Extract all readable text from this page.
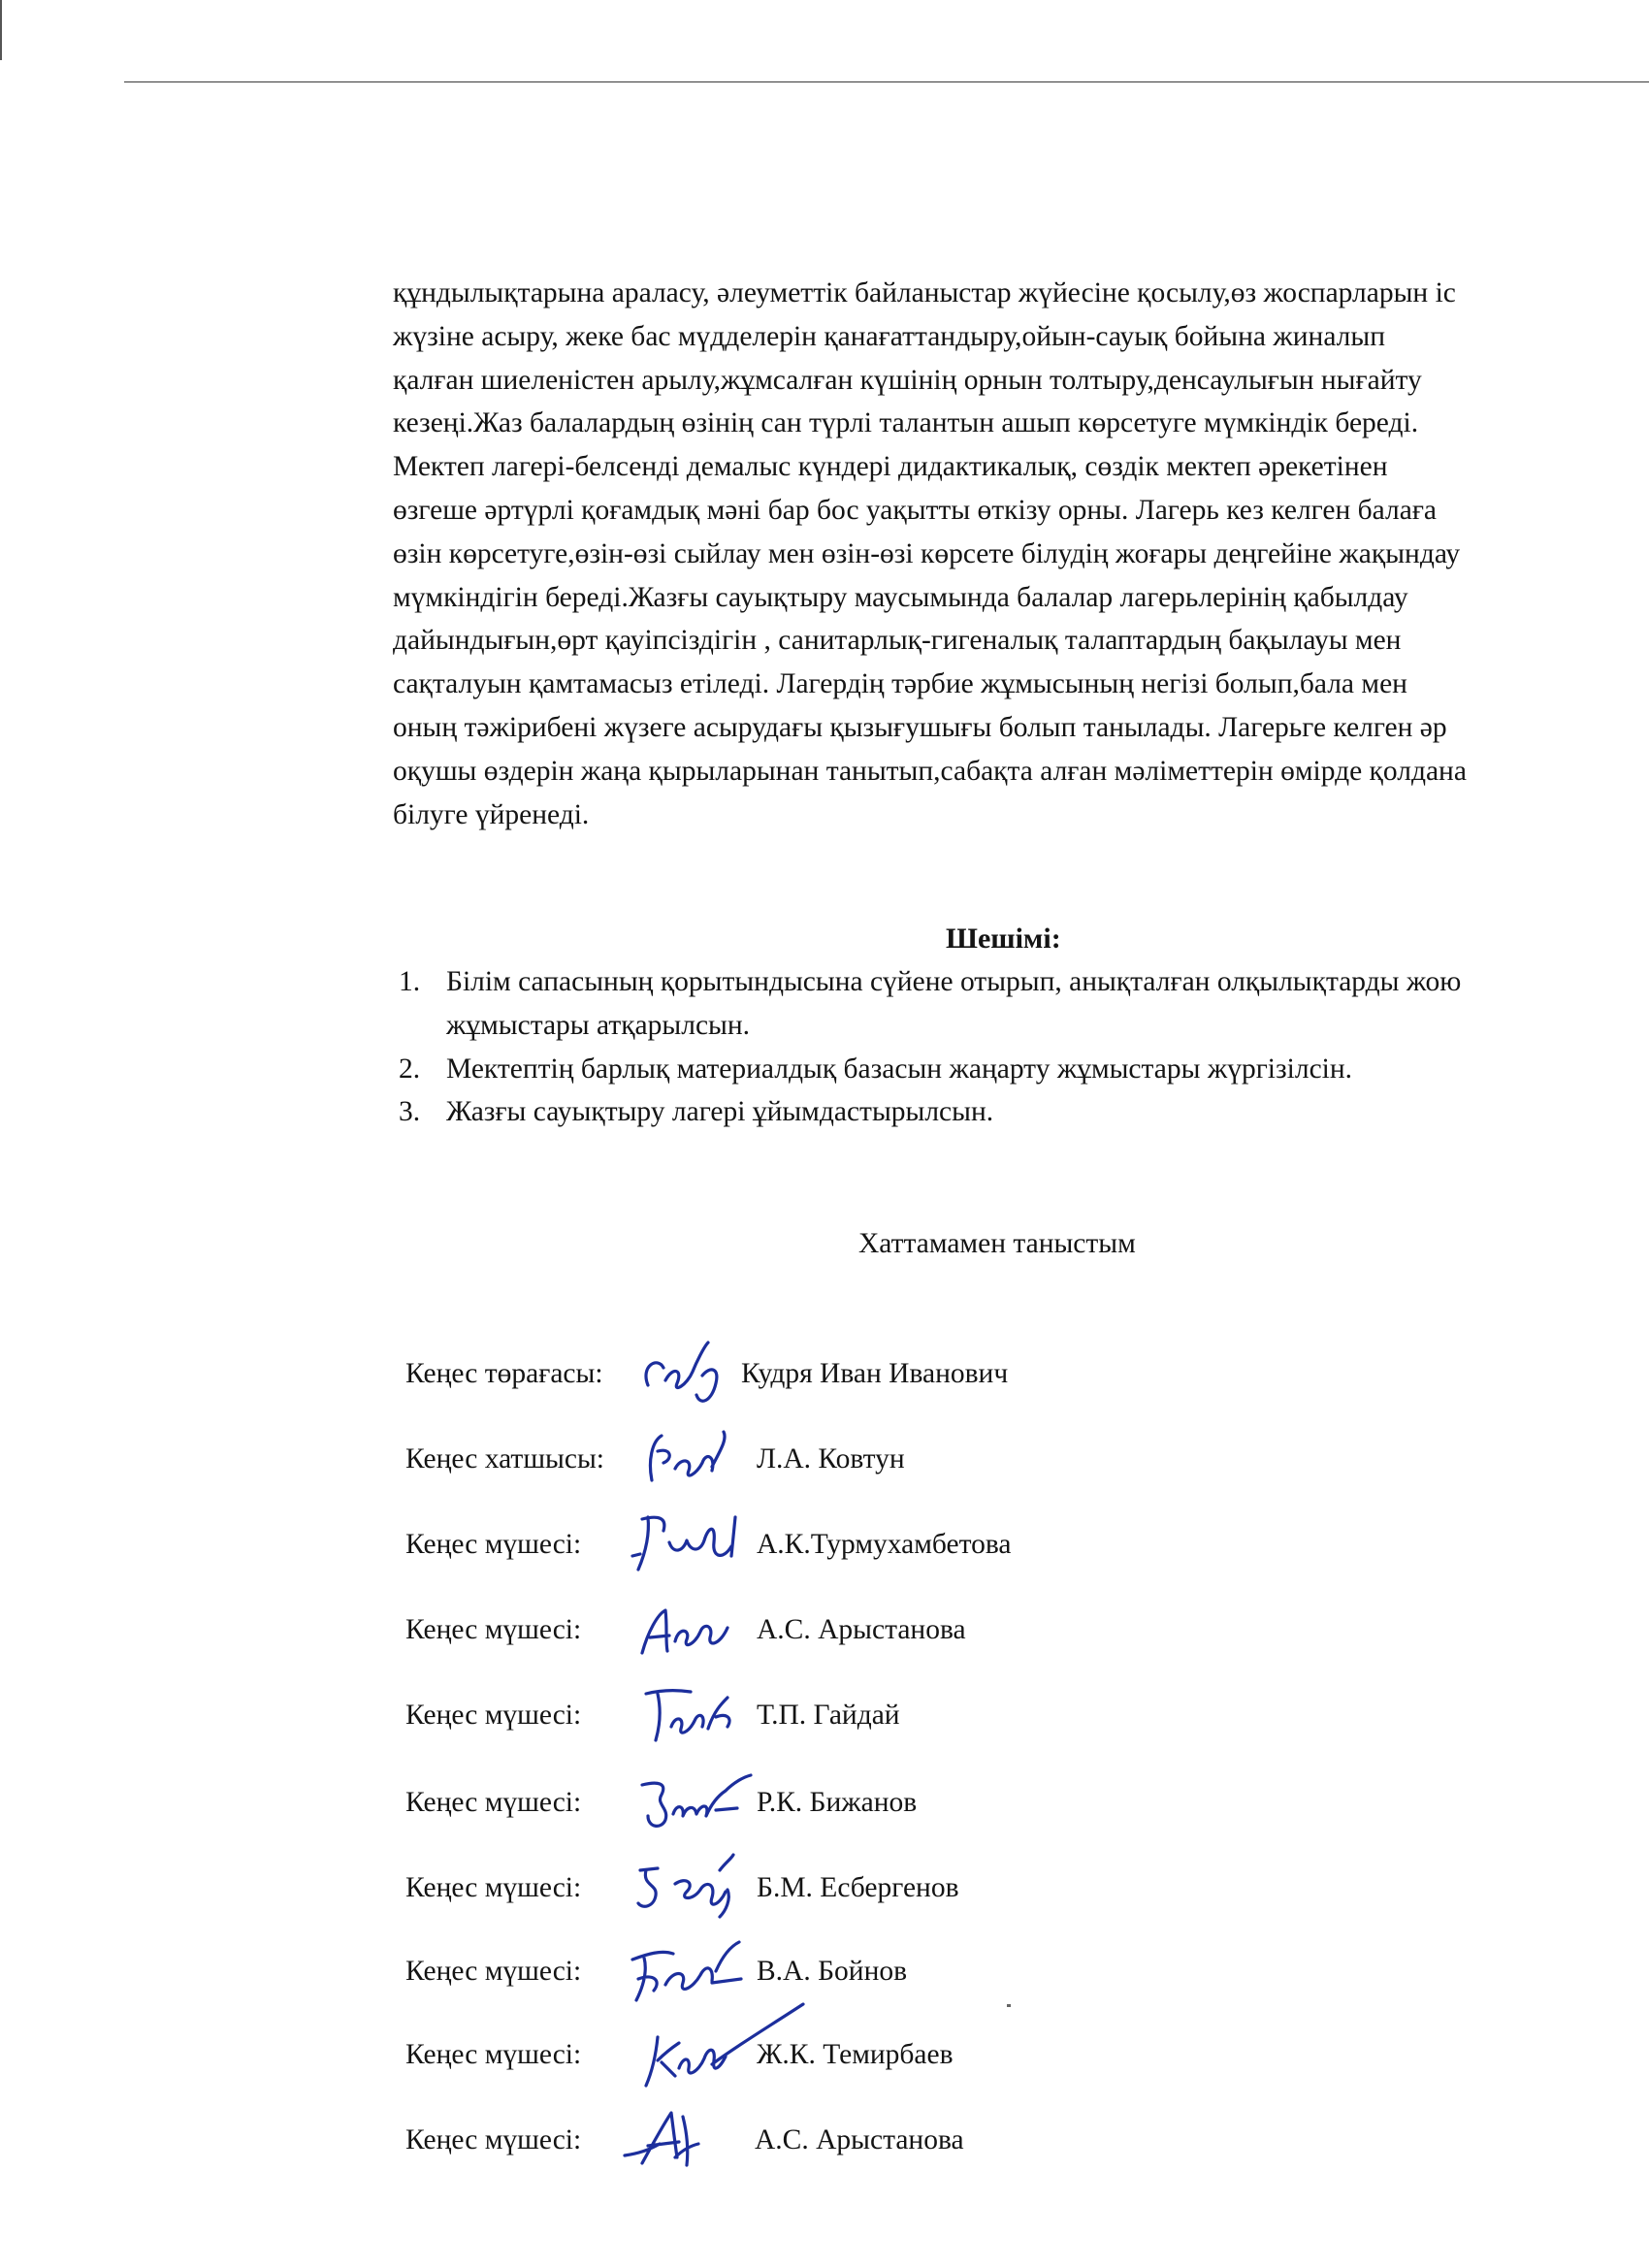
құндылықтарына араласу, әлеуметтік байланыстар жүйесіне қосылу,өз жоспарларын іс

жүзіне асыру, жеке бас мүдделерін қанағаттандыру,ойын-сауық бойына жиналып

қалған шиеленістен арылу,жұмсалған күшінің орнын толтыру,денсаулығын нығайту

кезеңі.Жаз балалардың өзінің сан түрлі талантын ашып көрсетуге мүмкіндік береді.

Мектеп лагері-белсенді демалыс күндері дидактикалық, сөздік мектеп әрекетінен

өзгеше әртүрлі қоғамдық мәні бар бос уақытты өткізу орны. Лагерь кез келген балаға

өзін көрсетуге,өзін-өзі сыйлау мен өзін-өзі көрсете білудің жоғары деңгейіне жақындау

мүмкіндігін береді.Жазғы сауықтыру маусымында балалар лагерьлерінің қабылдау

дайындығын,өрт қауіпсіздігін , санитарлық-гигеналық талаптардың бақылауы мен

сақталуын қамтамасыз етіледі. Лагердің тәрбие жұмысының негізі болып,бала мен

оның тәжірибені жүзеге асырудағы қызығушығы болып танылады. Лагерьге келген әр

оқушы өздерін жаңа қырыларынан танытып,сабақта алған мәліметтерін өмірде қолдана

білуге үйренеді.

Шешімі:
1. Білім сапасының қорытындысына сүйене отырып, анықталған олқылықтарды жою
жұмыстары атқарылсын.
2. Мектептің барлық материалдық базасын жаңарту жұмыстары жүргізілсін.
3. Жазғы сауықтыру лагері ұйымдастырылсын.
Хаттамамен таныстым
Кеңес төрағасы:	Кудря Иван Иванович
Кеңес хатшысы:	Л.А. Ковтун
Кеңес мүшесі:	А.К.Турмухамбетова
Кеңес мүшесі:	А.С. Арыстанова
Кеңес мүшесі:	Т.П. Гайдай
Кеңес мүшесі:	Р.К. Бижанов
Кеңес мүшесі:	Б.М. Есбергенов
Кеңес мүшесі:	В.А. Бойнов
Кеңес мүшесі:	Ж.К. Темирбаев
Кеңес мүшесі:	А.С. Арыстанова
